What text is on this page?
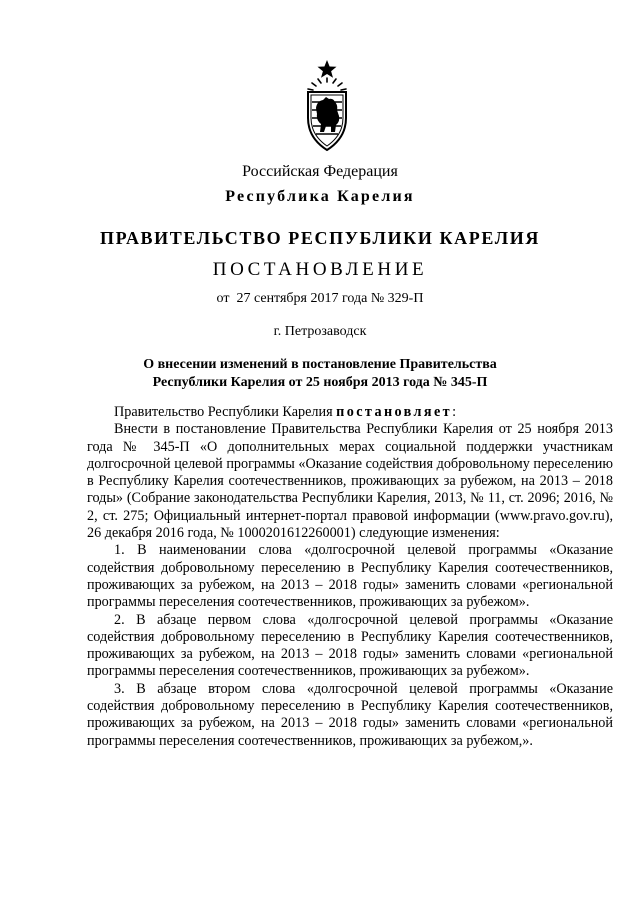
Российская Федерация
Республика Карелия
ПРАВИТЕЛЬСТВО РЕСПУБЛИКИ КАРЕЛИЯ
ПОСТАНОВЛЕНИЕ
от  27 сентября 2017 года № 329-П
г. Петрозаводск
О внесении изменений в постановление Правительства
Республики Карелия от 25 ноября 2013 года № 345-П

Правительство Республики Карелия постановляет:

Внести в постановление Правительства Республики Карелия от 25 ноября 2013 года № 345-П «О дополнительных мерах социальной поддержки участникам долгосрочной целевой программы «Оказание содействия добровольному переселению в Республику Карелия соотечественников, проживающих за рубежом, на 2013 – 2018 годы» (Собрание законодательства Республики Карелия, 2013, № 11, ст. 2096; 2016, № 2, ст. 275; Официальный интернет-портал правовой информации (www.pravo.gov.ru), 26 декабря 2016 года, № 1000201612260001) следующие изменения:

1. В наименовании слова «долгосрочной целевой программы «Оказание содействия добровольному переселению в Республику Карелия соотечественников, проживающих за рубежом, на 2013 – 2018 годы» заменить словами «региональной программы переселения соотечественников, проживающих за рубежом».

2. В абзаце первом слова «долгосрочной целевой программы «Оказание содействия добровольному переселению в Республику Карелия соотечественников, проживающих за рубежом, на 2013 – 2018 годы» заменить словами «региональной программы переселения соотечественников, проживающих за рубежом».

3. В абзаце втором слова «долгосрочной целевой программы «Оказание содействия добровольному переселению в Республику Карелия соотечественников, проживающих за рубежом, на 2013 – 2018 годы» заменить словами «региональной программы переселения соотечественников, проживающих за рубежом,».
